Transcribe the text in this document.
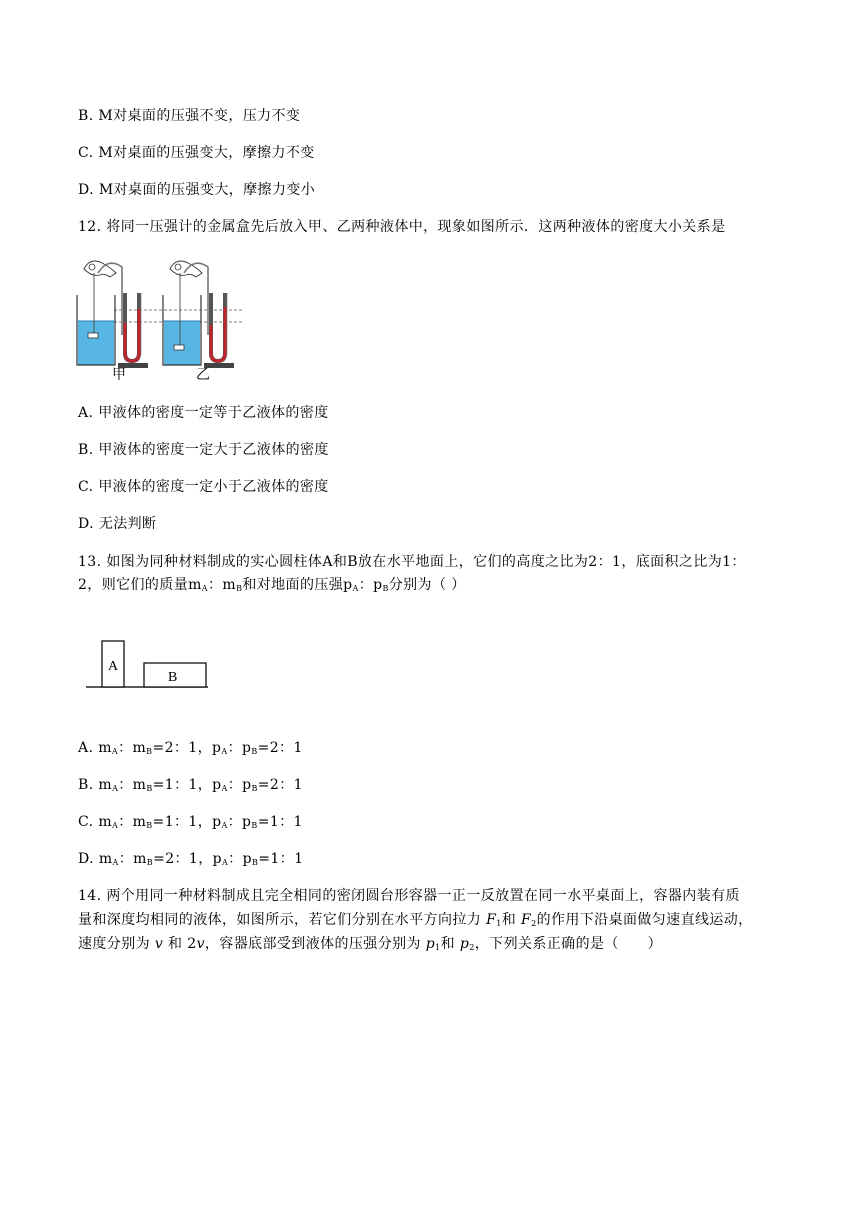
B. M对桌面的压强不变，压力不变
C. M对桌面的压强变大，摩擦力不变
D. M对桌面的压强变大，摩擦力变小
12. 将同一压强计的金属盒先后放入甲、乙两种液体中，现象如图所示．这两种液体的密度大小关系是
甲	乙
A. 甲液体的密度一定等于乙液体的密度
B. 甲液体的密度一定大于乙液体的密度
C. 甲液体的密度一定小于乙液体的密度
D. 无法判断
13. 如图为同种材料制成的实心圆柱体A和B放在水平地面上，它们的高度之比为2：1，底面积之比为1：
2，则它们的质量$m_A$：$m_B$和对地面的压强$p_A$：$p_B$分别为（ ）
A
B
A. $m_A$：$m_B=2$：1，$p_A$：$p_B=2$：1
B. $m_A$：$m_B=1$：1，$p_A$：$p_B=2$：1
C. $m_A$：$m_B=1$：1，$p_A$：$p_B=1$：1
D. $m_A$：$m_B=2$：1，$p_A$：$p_B=1$：1
14. 两个用同一种材料制成且完全相同的密闭圆台形容器一正一反放置在同一水平桌面上，容器内装有质
量和深度均相同的液体，如图所示，若它们分别在水平方向拉力 $F_1$和 $F_2$的作用下沿桌面做匀速直线运动，
速度分别为 v 和 2v，容器底部受到液体的压强分别为 $p_1$和 $p_2$，下列关系正确的是（　　）
